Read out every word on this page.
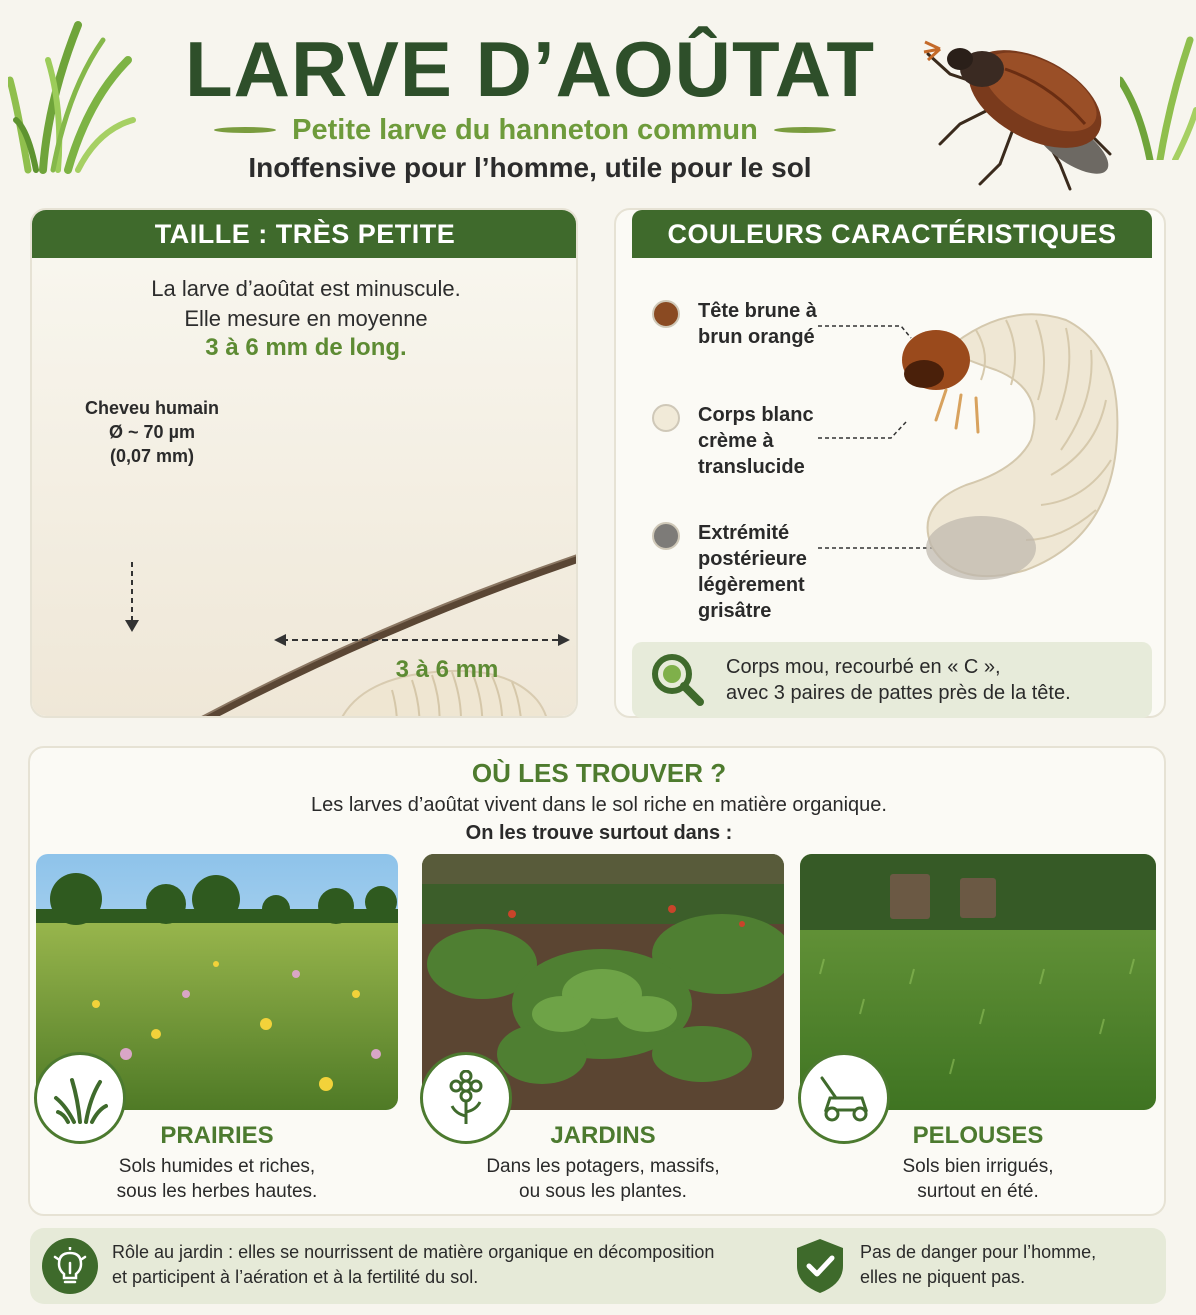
LARVE D’AOÛTAT
Petite larve du hanneton commun
Inoffensive pour l’homme, utile pour le sol
TAILLE : TRÈS PETITE
La larve d’aoûtat est minuscule.
Elle mesure en moyenne
3 à 6 mm de long.
Cheveu humain
Ø ~ 70 µm
(0,07 mm)
3 à 6 mm
COULEURS CARACTÉRISTIQUES
Tête brune à
brun orangé
Corps blanc
crème à
translucide
Extrémité
postérieure
légèrement
grisâtre
Corps mou, recourbé en « C »,
avec 3 paires de pattes près de la tête.
OÙ LES TROUVER ?
Les larves d’aoûtat vivent dans le sol riche en matière organique.
On les trouve surtout dans :
PRAIRIES
Sols humides et riches,
sous les herbes hautes.
JARDINS
Dans les potagers, massifs,
ou sous les plantes.
PELOUSES
Sols bien irrigués,
surtout en été.
Rôle au jardin : elles se nourrissent de matière organique en décomposition
et participent à l’aération et à la fertilité du sol.
Pas de danger pour l’homme,
elles ne piquent pas.
